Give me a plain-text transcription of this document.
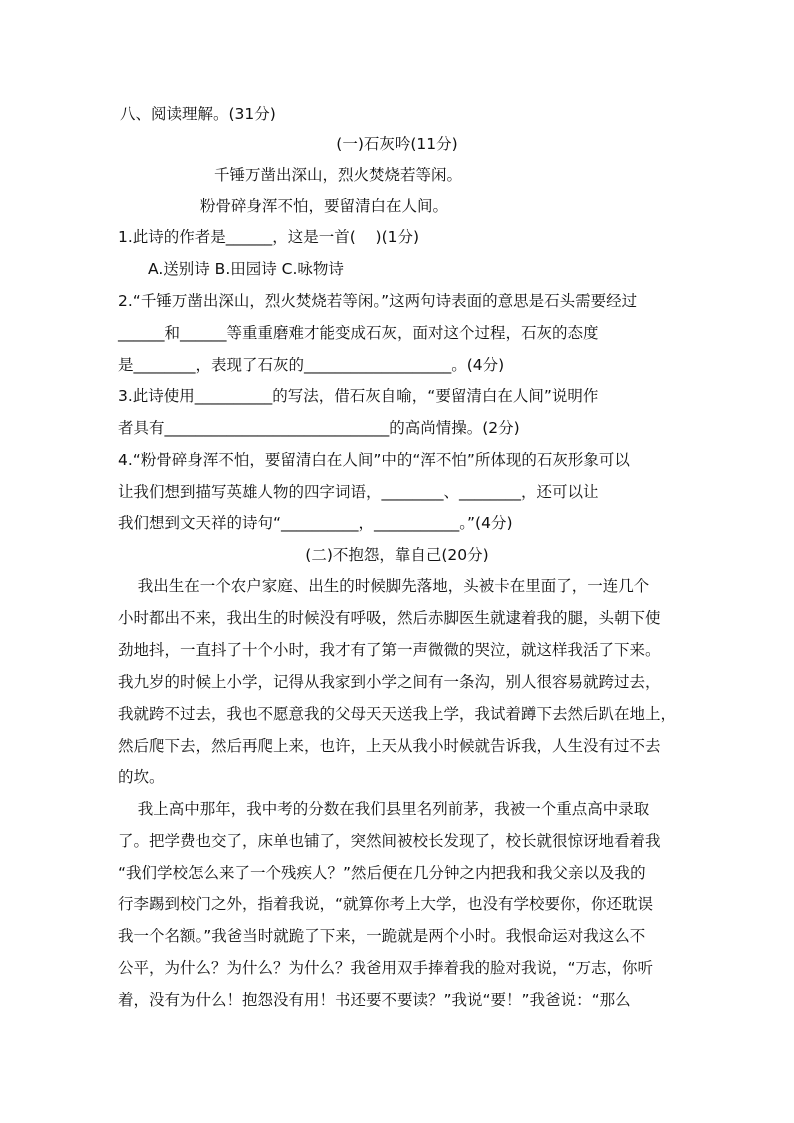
八、阅读理解。(31分)
(一)石灰吟(11分)
千锤万凿出深山，烈火焚烧若等闲。
粉骨碎身浑不怕，要留清白在人间。
1.此诗的作者是______，这是一首(    )(1分)
A.送别诗 B.田园诗 C.咏物诗
2.“千锤万凿出深山，烈火焚烧若等闲。”这两句诗表面的意思是石头需要经过
______和______等重重磨难才能变成石灰，面对这个过程，石灰的态度
是________，表现了石灰的___________________。(4分)
3.此诗使用__________的写法，借石灰自喻，“要留清白在人间”说明作
者具有_____________________________的高尚情操。(2分)
4.“粉骨碎身浑不怕，要留清白在人间”中的“浑不怕”所体现的石灰形象可以
让我们想到描写英雄人物的四字词语，________、________，还可以让
我们想到文天祥的诗句“__________，___________。”(4分)
(二)不抱怨，靠自己(20分)
我出生在一个农户家庭、出生的时候脚先落地，头被卡在里面了，一连几个
小时都出不来，我出生的时候没有呼吸，然后赤脚医生就逮着我的腿，头朝下使
劲地抖，一直抖了十个小时，我才有了第一声微微的哭泣，就这样我活了下来。
我九岁的时候上小学，记得从我家到小学之间有一条沟，别人很容易就跨过去，
我就跨不过去，我也不愿意我的父母天天送我上学，我试着蹲下去然后趴在地上，
然后爬下去，然后再爬上来，也许，上天从我小时候就告诉我，人生没有过不去
的坎。
我上高中那年，我中考的分数在我们县里名列前茅，我被一个重点高中录取
了。把学费也交了，床单也铺了，突然间被校长发现了，校长就很惊讶地看着我
“我们学校怎么来了一个残疾人？”然后便在几分钟之内把我和我父亲以及我的
行李踢到校门之外，指着我说，“就算你考上大学，也没有学校要你，你还耽误
我一个名额。”我爸当时就跪了下来，一跪就是两个小时。我恨命运对我这么不
公平，为什么？为什么？为什么？我爸用双手捧着我的脸对我说，“万志，你听
着，没有为什么！抱怨没有用！书还要不要读？”我说“要！”我爸说：“那么
